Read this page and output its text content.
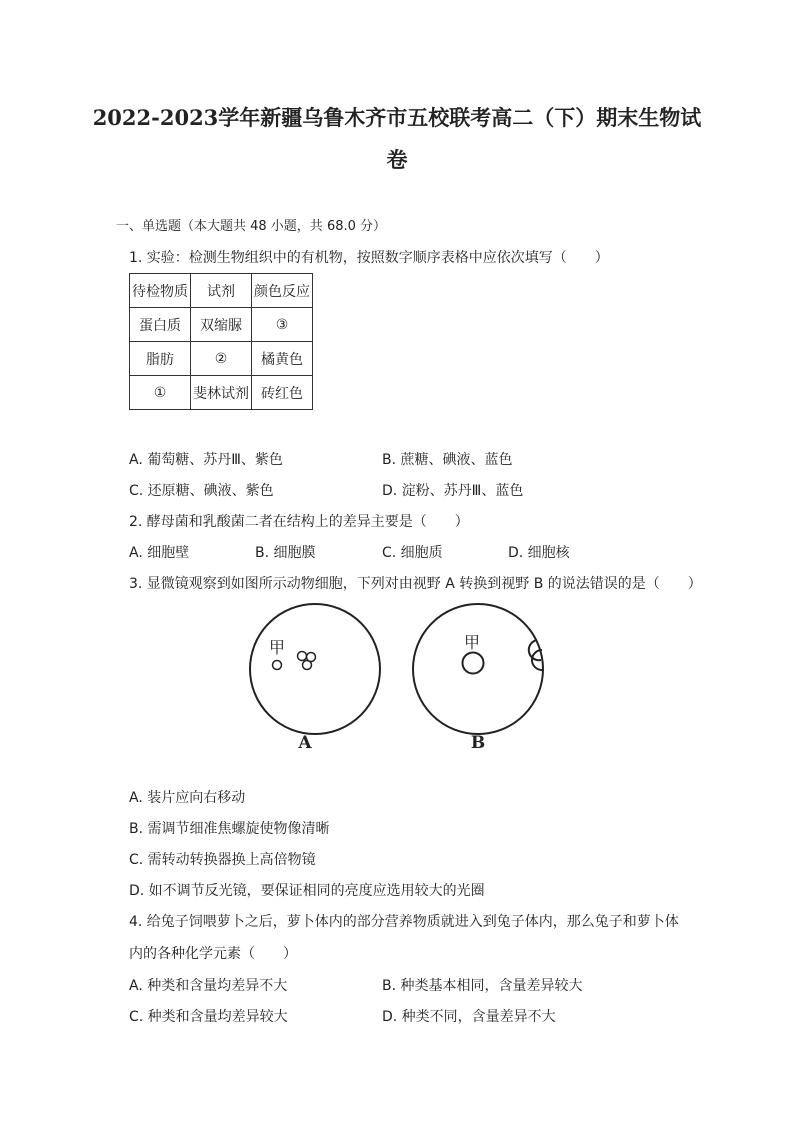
2022-2023学年新疆乌鲁木齐市五校联考高二（下）期末生物试
卷
一、单选题（本大题共 48 小题，共 68.0 分）
1. 实验：检测生物组织中的有机物，按照数字顺序表格中应依次填写（　　）
待检物质	试剂	颜色反应
蛋白质	双缩脲	③
脂肪	②	橘黄色
①	斐林试剂	砖红色
A. 葡萄糖、苏丹Ⅲ、紫色	B. 蔗糖、碘液、蓝色
C. 还原糖、碘液、紫色	D. 淀粉、苏丹Ⅲ、蓝色
2. 酵母菌和乳酸菌二者在结构上的差异主要是（　　）
A. 细胞壁	B. 细胞膜	C. 细胞质	D. 细胞核
3. 显微镜观察到如图所示动物细胞，下列对由视野 A 转换到视野 B 的说法错误的是（　　）
甲
A
甲
B
A. 装片应向右移动
B. 需调节细准焦螺旋使物像清晰
C. 需转动转换器换上高倍物镜
D. 如不调节反光镜，要保证相同的亮度应选用较大的光圈
4. 给兔子饲喂萝卜之后，萝卜体内的部分营养物质就进入到兔子体内，那么兔子和萝卜体
内的各种化学元素（　　）
A. 种类和含量均差异不大	B. 种类基本相同，含量差异较大
C. 种类和含量均差异较大	D. 种类不同，含量差异不大
